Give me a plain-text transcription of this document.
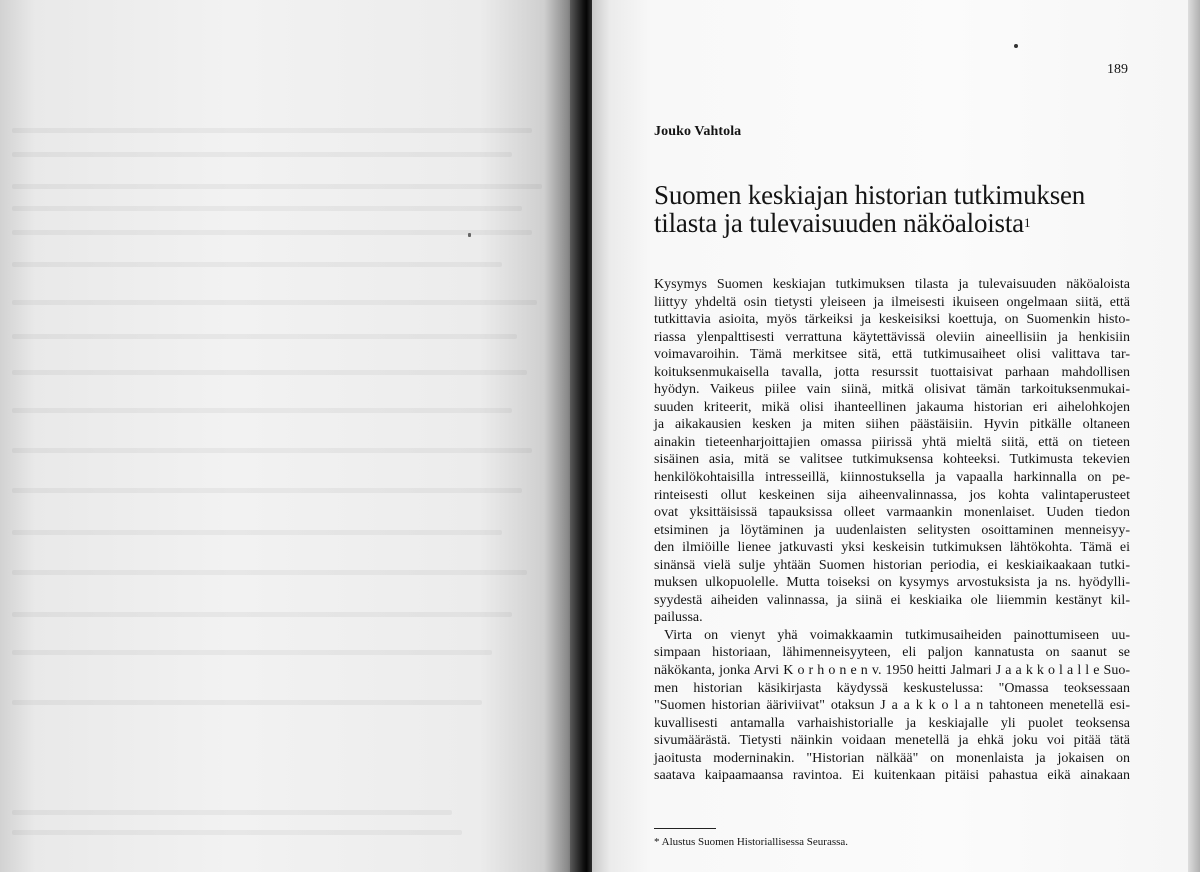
189
Jouko Vahtola
Suomen keskiajan historian tutkimuksen
tilasta ja tulevaisuuden näköaloista$^1$
Kysymys Suomen keskiajan tutkimuksen tilasta ja tulevaisuuden näköaloista
liittyy yhdeltä osin tietysti yleiseen ja ilmeisesti ikuiseen ongelmaan siitä, että
tutkittavia asioita, myös tärkeiksi ja keskeisiksi koettuja, on Suomenkin histo-
riassa ylenpalttisesti verrattuna käytettävissä oleviin aineellisiin ja henkisiin
voimavaroihin. Tämä merkitsee sitä, että tutkimusaiheet olisi valittava tar-
koituksenmukaisella tavalla, jotta resurssit tuottaisivat parhaan mahdollisen
hyödyn. Vaikeus piilee vain siinä, mitkä olisivat tämän tarkoituksenmukai-
suuden kriteerit, mikä olisi ihanteellinen jakauma historian eri aihelohkojen
ja aikakausien kesken ja miten siihen päästäisiin. Hyvin pitkälle oltaneen
ainakin tieteenharjoittajien omassa piirissä yhtä mieltä siitä, että on tieteen
sisäinen asia, mitä se valitsee tutkimuksensa kohteeksi. Tutkimusta tekevien
henkilökohtaisilla intresseillä, kiinnostuksella ja vapaalla harkinnalla on pe-
rinteisesti ollut keskeinen sija aiheenvalinnassa, jos kohta valintaperusteet
ovat yksittäisissä tapauksissa olleet varmaankin monenlaiset. Uuden tiedon
etsiminen ja löytäminen ja uudenlaisten selitysten osoittaminen menneisyy-
den ilmiöille lienee jatkuvasti yksi keskeisin tutkimuksen lähtökohta. Tämä ei
sinänsä vielä sulje yhtään Suomen historian periodia, ei keskiaikaakaan tutki-
muksen ulkopuolelle. Mutta toiseksi on kysymys arvostuksista ja ns. hyödylli-
syydestä aiheiden valinnassa, ja siinä ei keskiaika ole liiemmin kestänyt kil-
pailussa.
Virta on vienyt yhä voimakkaamin tutkimusaiheiden painottumiseen uu-
simpaan historiaan, lähimenneisyyteen, eli paljon kannatusta on saanut se
näkökanta, jonka Arvi K o r h o n e n v. 1950 heitti Jalmari J a a k k o l a l l e Suo-
men historian käsikirjasta käydyssä keskustelussa: "Omassa teoksessaan
"Suomen historian ääriviivat" otaksun J a a k k o l a n tahtoneen menetellä esi-
kuvallisesti antamalla varhaishistorialle ja keskiajalle yli puolet teoksensa
sivumäärästä. Tietysti näinkin voidaan menetellä ja ehkä joku voi pitää tätä
jaoitusta moderninakin. "Historian nälkää" on monenlaista ja jokaisen on
saatava kaipaamaansa ravintoa. Ei kuitenkaan pitäisi pahastua eikä ainakaan
* Alustus Suomen Historiallisessa Seurassa.
